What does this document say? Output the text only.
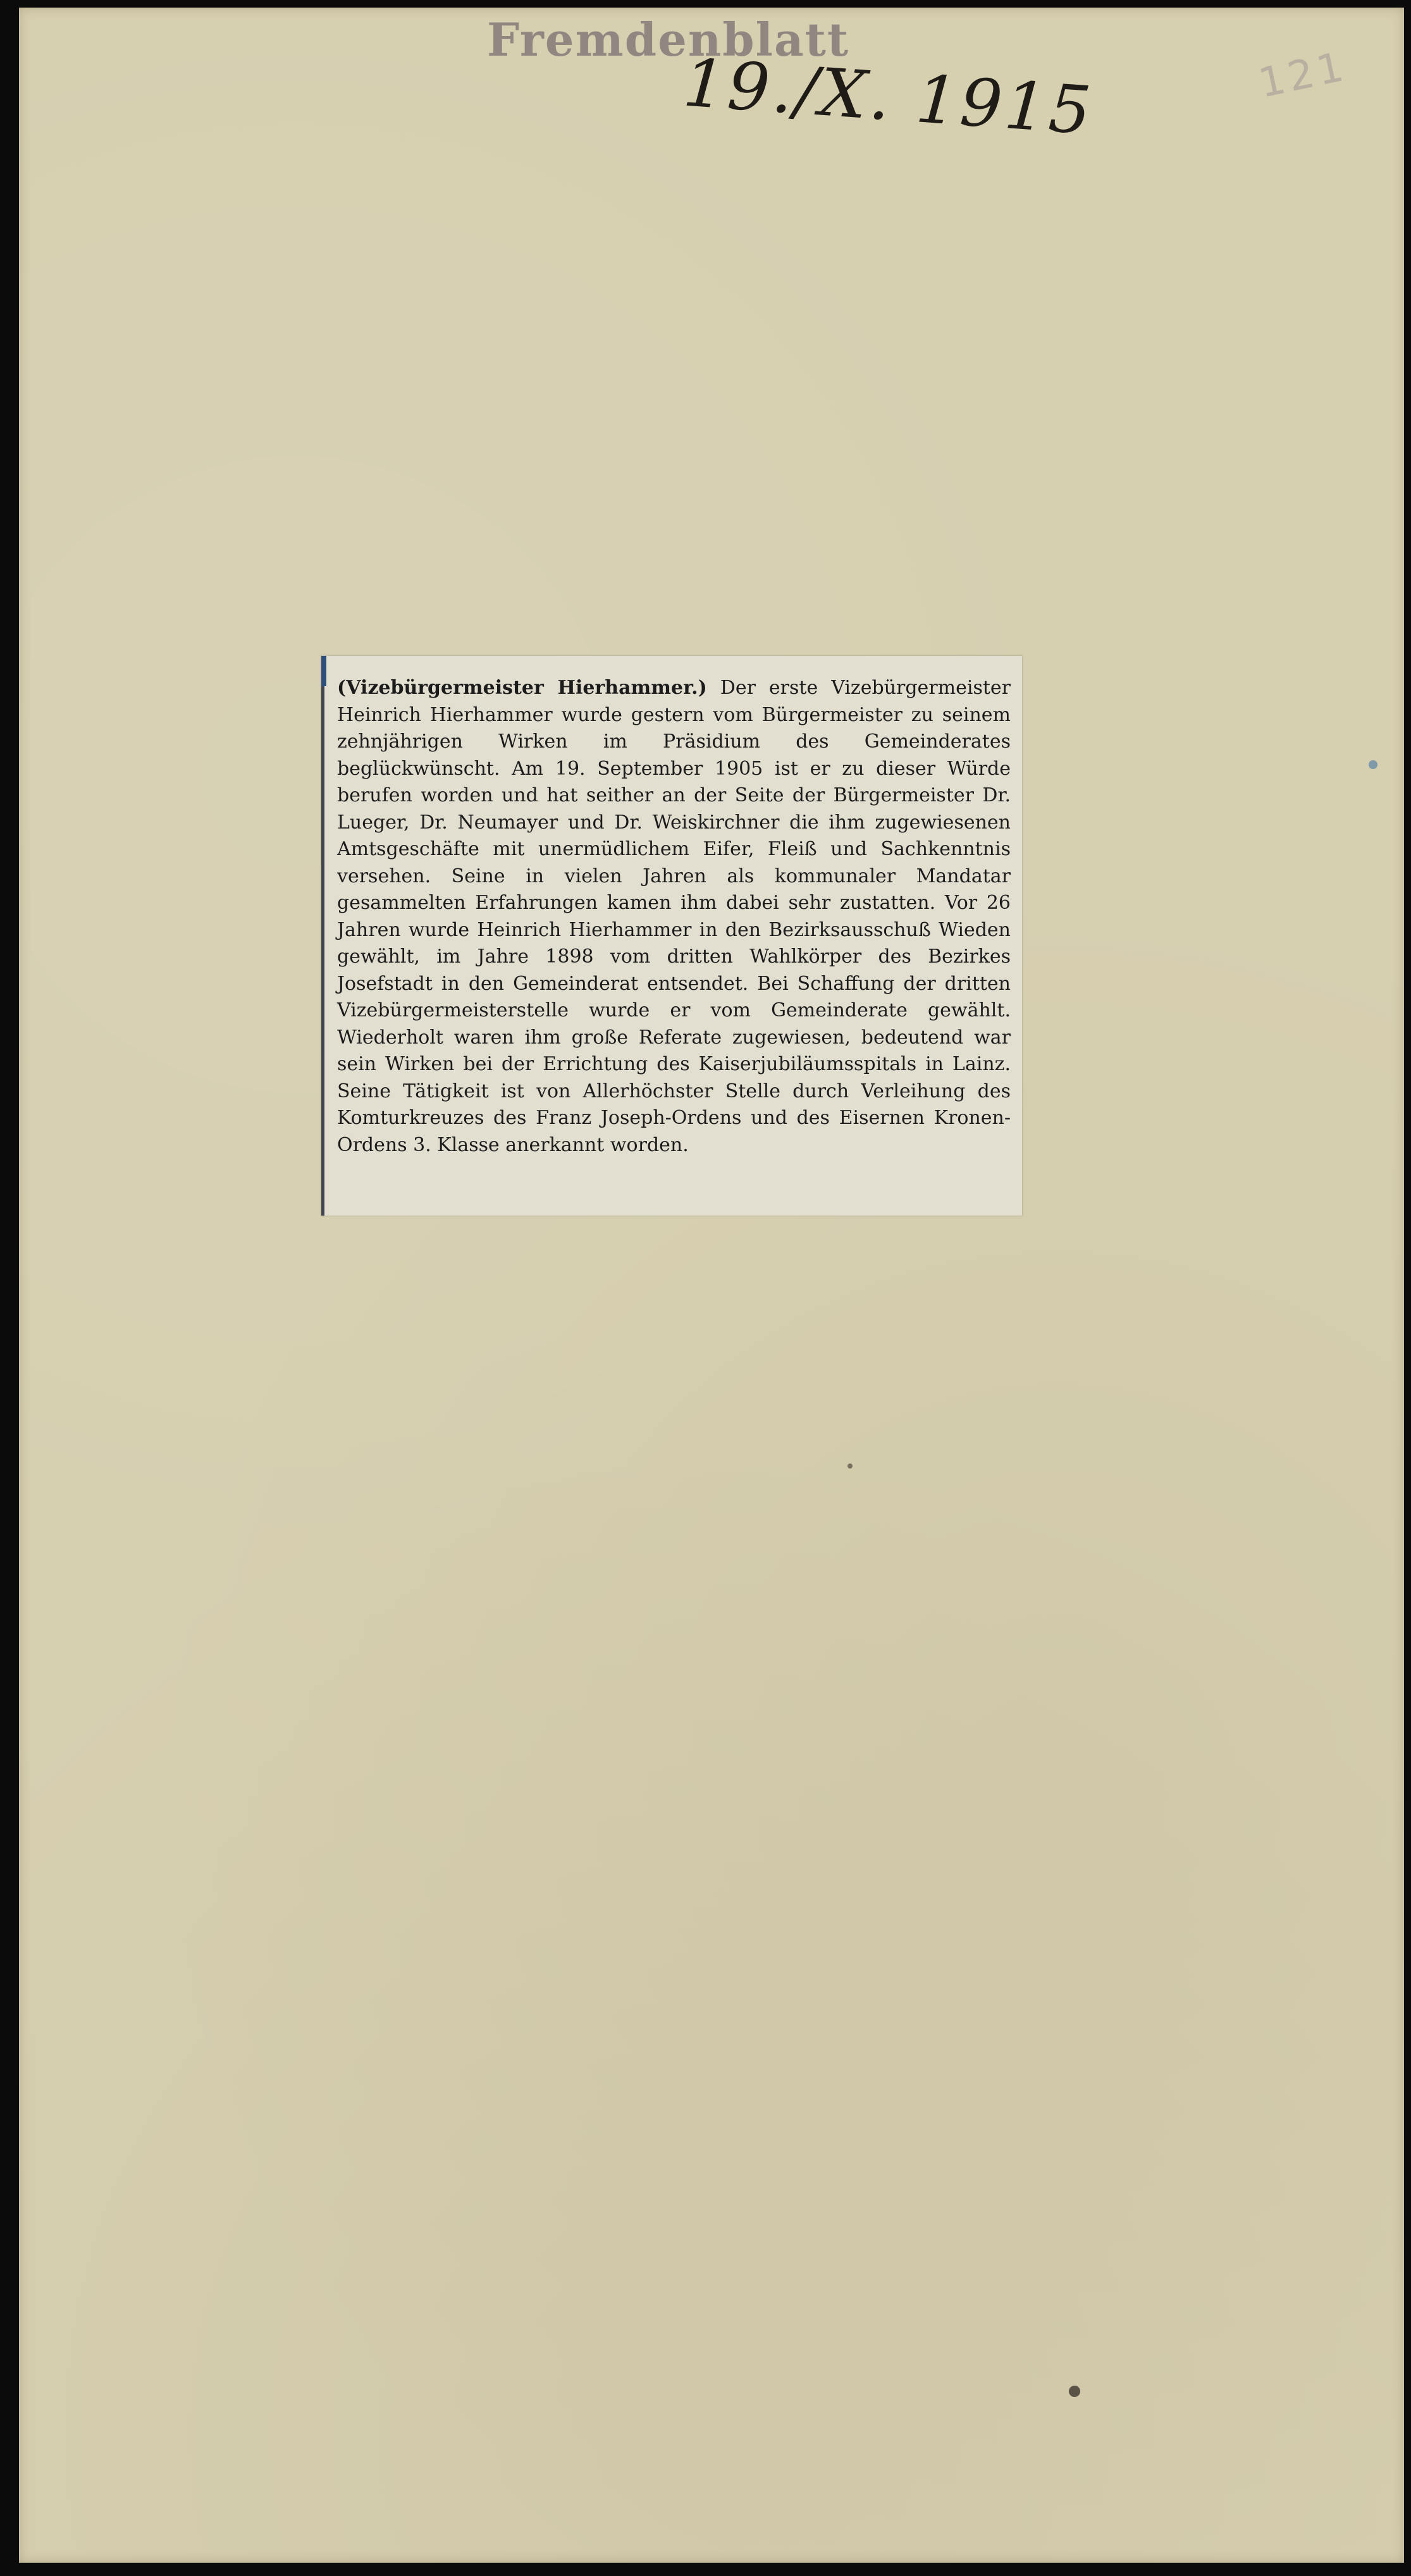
Fremdenblatt
19./X. 1915	121
(Vizebürgermeister Hierhammer.) Der erste Vizebürgermeister Heinrich Hierhammer wurde gestern vom Bürgermeister zu seinem zehnjährigen Wirken im Präsidium des Gemeinderates beglückwünscht. Am 19. September 1905 ist er zu dieser Würde berufen worden und hat seither an der Seite der Bürgermeister Dr. Lueger, Dr. Neumayer und Dr. Weiskirchner die ihm zugewiesenen Amtsgeschäfte mit unermüdlichem Eifer, Fleiß und Sachkenntnis versehen. Seine in vielen Jahren als kommunaler Mandatar gesammelten Erfahrungen kamen ihm dabei sehr zustatten. Vor 26 Jahren wurde Heinrich Hierhammer in den Bezirksausschuß Wieden gewählt, im Jahre 1898 vom dritten Wahlkörper des Bezirkes Josefstadt in den Gemeinderat entsendet. Bei Schaffung der dritten Vizebürgermeisterstelle wurde er vom Gemeinderate gewählt. Wiederholt waren ihm große Referate zugewiesen, bedeutend war sein Wirken bei der Errichtung des Kaiserjubiläumsspitals in Lainz. Seine Tätigkeit ist von Allerhöchster Stelle durch Verleihung des Komturkreuzes des Franz Joseph-Ordens und des Eisernen Kronen-Ordens 3. Klasse anerkannt worden.
